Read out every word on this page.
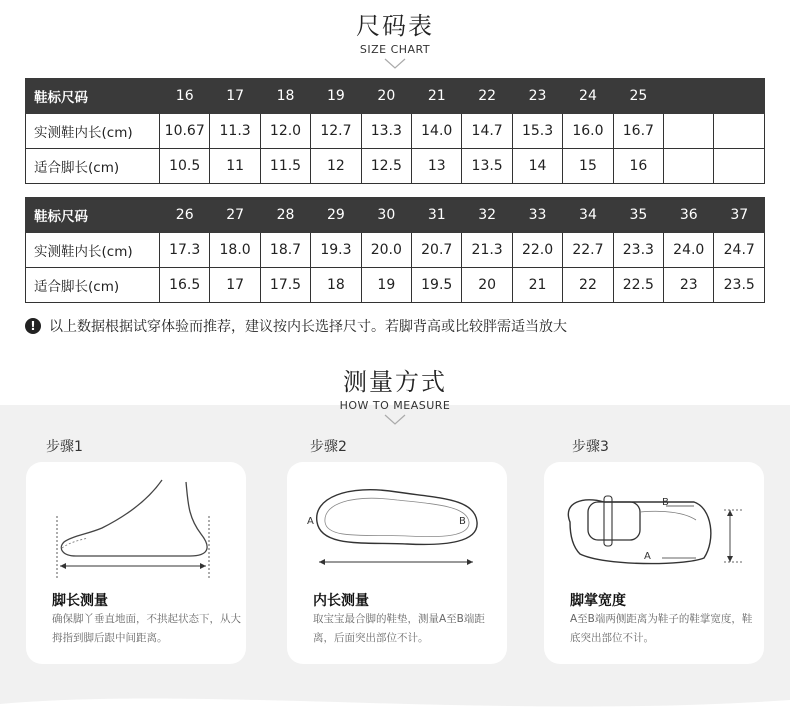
尺码表
SIZE CHART
鞋标尺码	16	17	18	19	20	21	22	23	24	25		
实测鞋内长(cm)	10.67	11.3	12.0	12.7	13.3	14.0	14.7	15.3	16.0	16.7		
适合脚长(cm)	10.5	11	11.5	12	12.5	13	13.5	14	15	16		
鞋标尺码	26	27	28	29	30	31	32	33	34	35	36	37
实测鞋内长(cm)	17.3	18.0	18.7	19.3	20.0	20.7	21.3	22.0	22.7	23.3	24.0	24.7
适合脚长(cm)	16.5	17	17.5	18	19	19.5	20	21	22	22.5	23	23.5
! 以上数据根据试穿体验而推荐，建议按内长选择尺寸。若脚背高或比较胖需适当放大
测量方式
HOW TO MEASURE
步骤1
脚长测量
确保脚丫垂直地面，不拱起状态下，从大拇指到脚后跟中间距离。
步骤2
A	B
内长测量
取宝宝最合脚的鞋垫，测量A至B端距离，后面突出部位不计。
步骤3
B
A
脚掌宽度
A至B端两侧距离为鞋子的鞋掌宽度，鞋底突出部位不计。
